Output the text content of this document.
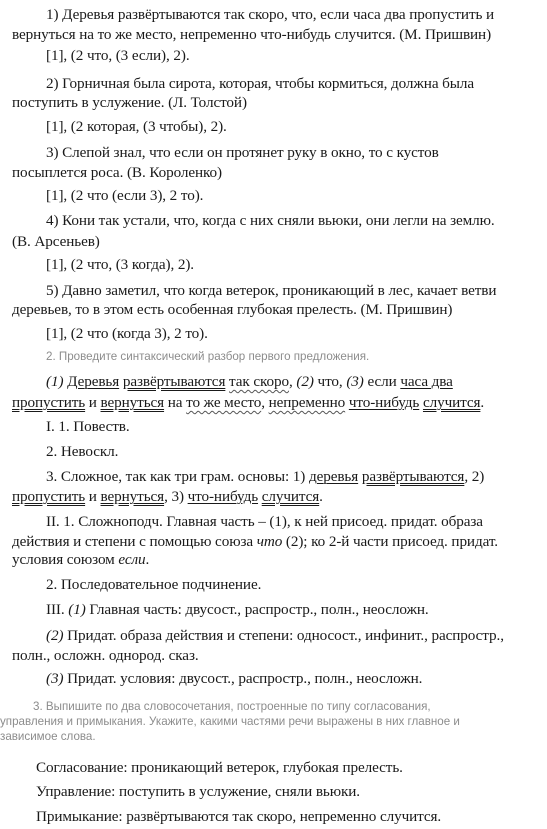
1) Деревья развёртываются так скоро, что, если часа два пропустить и
вернуться на то же место, непременно что-нибудь случится. (М. Пришвин)
[1], (2 что, (3 если), 2).
2) Горничная была сирота, которая, чтобы кормиться, должна была
поступить в услужение. (Л. Толстой)
[1], (2 которая, (3 чтобы), 2).
3) Слепой знал, что если он протянет руку в окно, то с кустов
посыплется роса. (В. Короленко)
[1], (2 что (если 3), 2 то).
4) Кони так устали, что, когда с них сняли вьюки, они легли на землю.
(В. Арсеньев)
[1], (2 что, (3 когда), 2).
5) Давно заметил, что когда ветерок, проникающий в лес, качает ветви
деревьев, то в этом есть особенная глубокая прелесть. (М. Пришвин)
[1], (2 что (когда 3), 2 то).
2. Проведите синтаксический разбор первого предложения.
(1) Деревья развёртываются так скоро, (2) что, (3) если часа два
пропустить и вернуться на то же место, непременно что-нибудь случится.
I. 1. Повеств.
2. Невоскл.
3. Сложное, так как три грам. основы: 1) деревья развёртываются, 2)
пропустить и вернуться, 3) что-нибудь случится.
II. 1. Сложноподч. Главная часть – (1), к ней присоед. придат. образа
действия и степени с помощью союза что (2); ко 2-й части присоед. придат.
условия союзом если.
2. Последовательное подчинение.
III. (1) Главная часть: двусост., распростр., полн., неосложн.
(2) Придат. образа действия и степени: односост., инфинит., распростр.,
полн., осложн. однород. сказ.
(3) Придат. условия: двусост., распростр., полн., неосложн.
3. Выпишите по два словосочетания, построенные по типу согласования,
управления и примыкания. Укажите, какими частями речи выражены в них главное и
зависимое слова.
Согласование: проникающий ветерок, глубокая прелесть.
Управление: поступить в услужение, сняли вьюки.
Примыкание: развёртываются так скоро, непременно случится.
